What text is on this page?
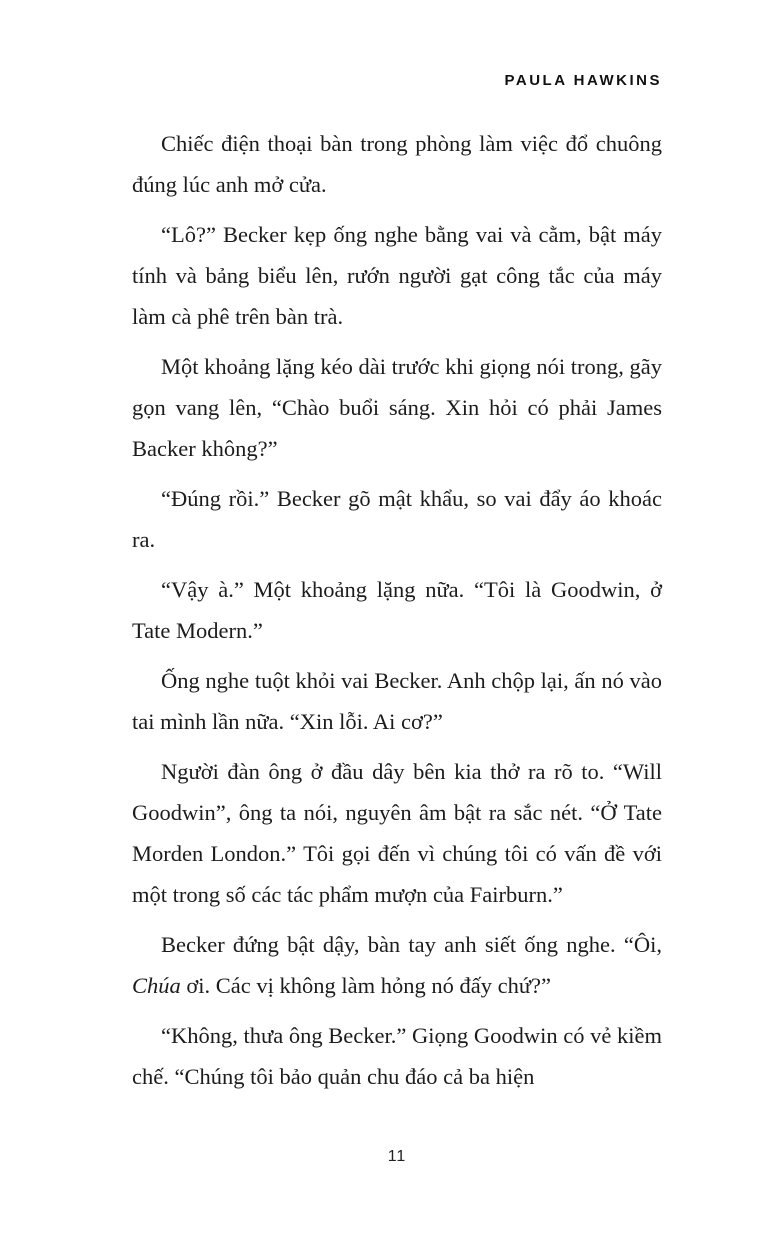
PAULA HAWKINS

Chiếc điện thoại bàn trong phòng làm việc đổ chuông đúng lúc anh mở cửa.

“Lô?” Becker kẹp ống nghe bằng vai và cằm, bật máy tính và bảng biểu lên, rướn người gạt công tắc của máy làm cà phê trên bàn trà.

Một khoảng lặng kéo dài trước khi giọng nói trong, gãy gọn vang lên, “Chào buổi sáng. Xin hỏi có phải James Backer không?”

“Đúng rồi.” Becker gõ mật khẩu, so vai đẩy áo khoác ra.

“Vậy à.” Một khoảng lặng nữa. “Tôi là Goodwin, ở Tate Modern.”

Ống nghe tuột khỏi vai Becker. Anh chộp lại, ấn nó vào tai mình lần nữa. “Xin lỗi. Ai cơ?”

Người đàn ông ở đầu dây bên kia thở ra rõ to. “Will Goodwin”, ông ta nói, nguyên âm bật ra sắc nét. “Ở Tate Morden London.” Tôi gọi đến vì chúng tôi có vấn đề với một trong số các tác phẩm mượn của Fairburn.”

Becker đứng bật dậy, bàn tay anh siết ống nghe. “Ôi, Chúa ơi. Các vị không làm hỏng nó đấy chứ?”

“Không, thưa ông Becker.” Giọng Goodwin có vẻ kiềm chế. “Chúng tôi bảo quản chu đáo cả ba hiện

11
